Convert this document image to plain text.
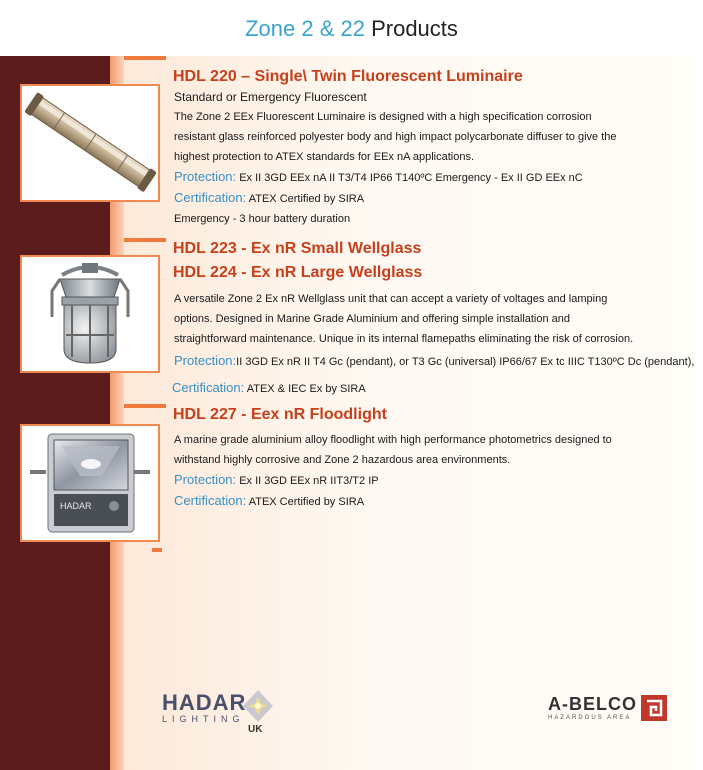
Zone 2 & 22 Products
HDL 220 – Single\ Twin Fluorescent Luminaire
Standard or Emergency Fluorescent
The Zone 2 EEx Fluorescent Luminaire is designed with a high specification corrosion
resistant glass reinforced polyester body and high impact polycarbonate diffuser to give the
highest protection to ATEX standards for EEx nA applications.
Protection: Ex II 3GD EEx nA II T3/T4 IP66 T140ºC Emergency - Ex II GD EEx nC
Certification: ATEX Certified by SIRA
Emergency - 3 hour battery duration
HDL 223 - Ex nR Small Wellglass
HDL 224 - Ex nR Large Wellglass
A versatile Zone 2 Ex nR Wellglass unit that can accept a variety of voltages and lamping
options. Designed in Marine Grade Aluminium and offering simple installation and
straightforward maintenance. Unique in its internal flamepaths eliminating the risk of corrosion.
Protection:II 3GD Ex nR II T4 Gc (pendant), or T3 Gc (universal) IP66/67 Ex tc IIIC T130ºC Dc (pendant),
Certification: ATEX & IEC Ex by SIRA
HADAR
HDL 227 - Eex nR Floodlight
A marine grade aluminium alloy floodlight with high performance photometrics designed to
withstand highly corrosive and Zone 2 hazardous area environments.
Protection: Ex II 3GD EEx nR IIT3/T2 IP
Certification: ATEX Certified by SIRA
HADAR
LIGHTING
UK
A-BELCO
HAZARDOUS AREA
